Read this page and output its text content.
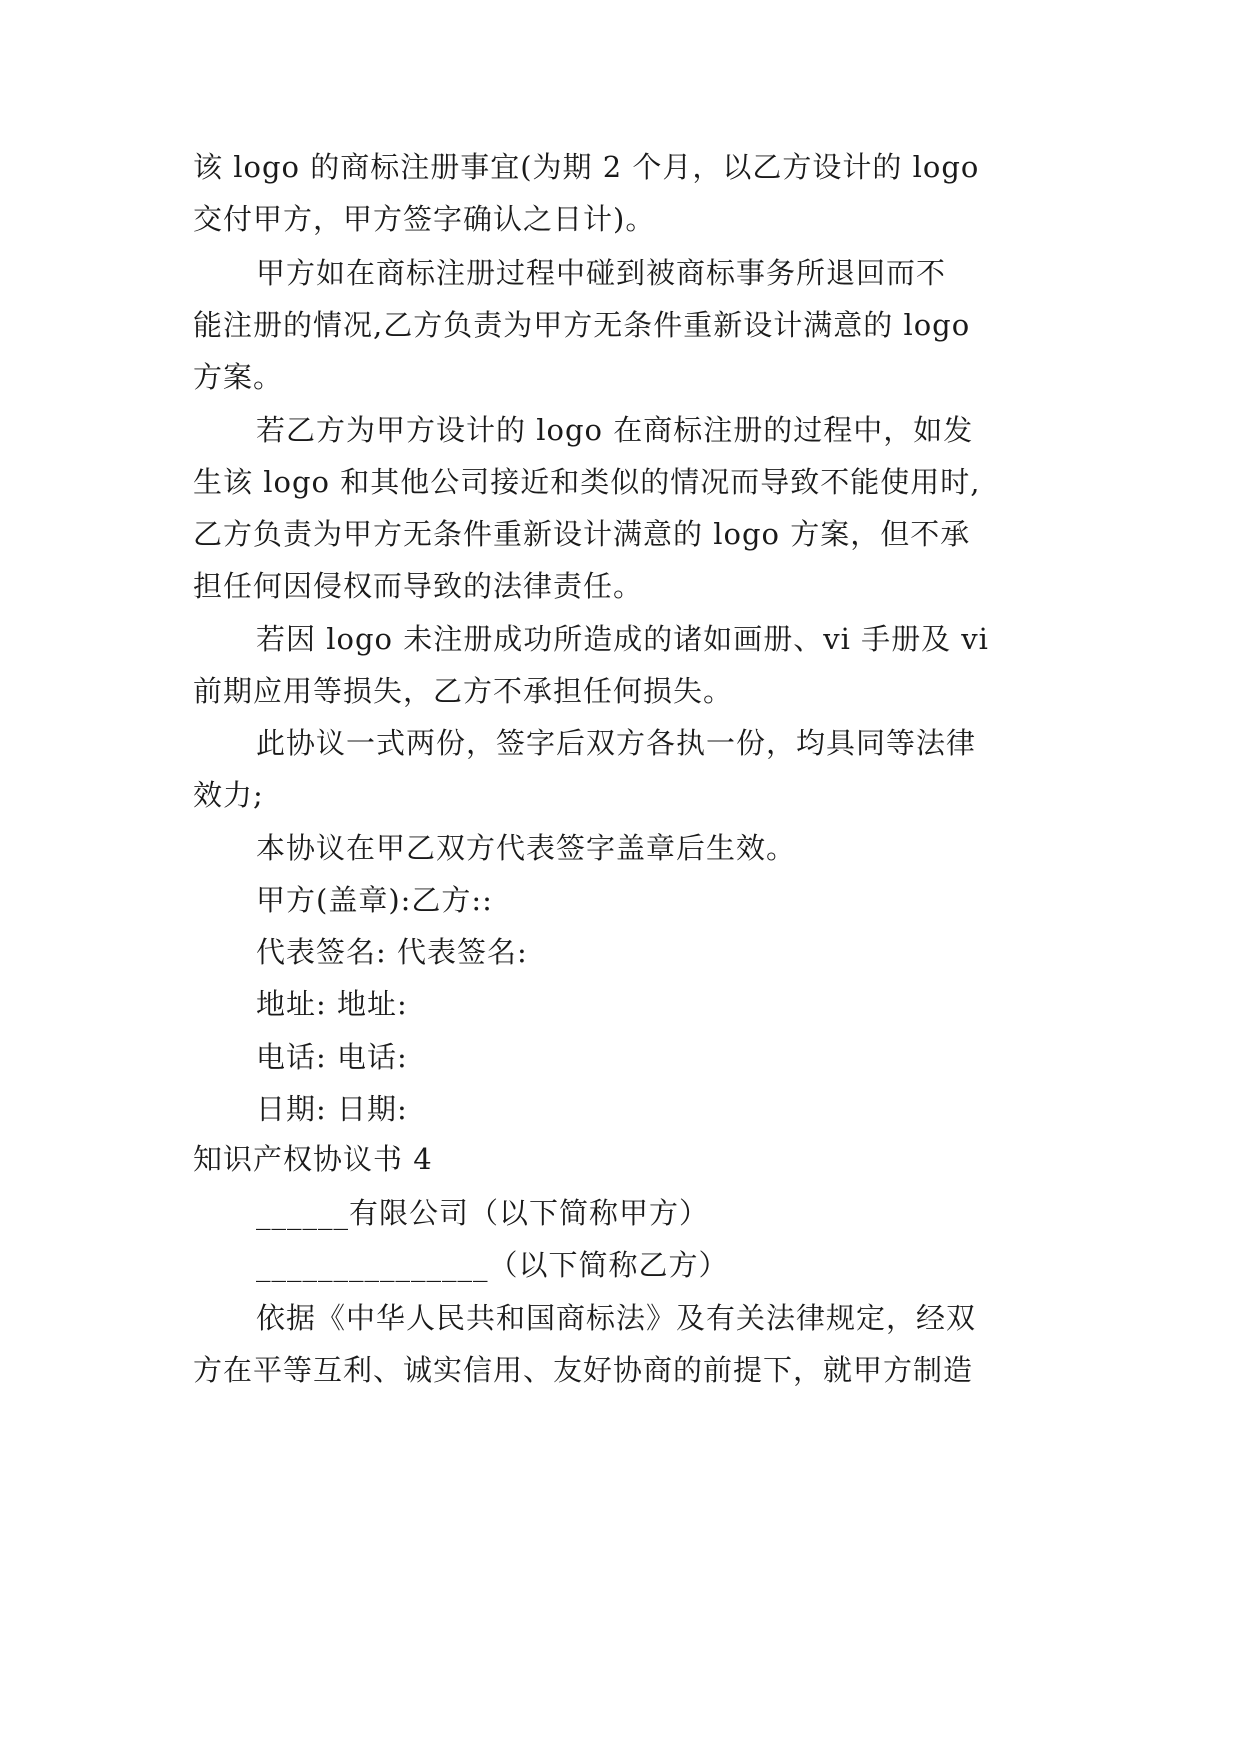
该 logo 的商标注册事宜(为期 2 个月，以乙方设计的 logo
交付甲方，甲方签字确认之日计)。
甲方如在商标注册过程中碰到被商标事务所退回而不
能注册的情况,乙方负责为甲方无条件重新设计满意的 logo
方案。
若乙方为甲方设计的 logo 在商标注册的过程中，如发
生该 logo 和其他公司接近和类似的情况而导致不能使用时,
乙方负责为甲方无条件重新设计满意的 logo 方案，但不承
担任何因侵权而导致的法律责任。
若因 logo 未注册成功所造成的诸如画册、vi 手册及 vi
前期应用等损失，乙方不承担任何损失。
此协议一式两份，签字后双方各执一份，均具同等法律
效力;
本协议在甲乙双方代表签字盖章后生效。
甲方(盖章):乙方::
代表签名: 代表签名:
地址: 地址:
电话: 电话:
日期: 日期:
知识产权协议书 4
______有限公司（以下简称甲方）
_______________（以下简称乙方）
依据《中华人民共和国商标法》及有关法律规定，经双
方在平等互利、诚实信用、友好协商的前提下，就甲方制造
